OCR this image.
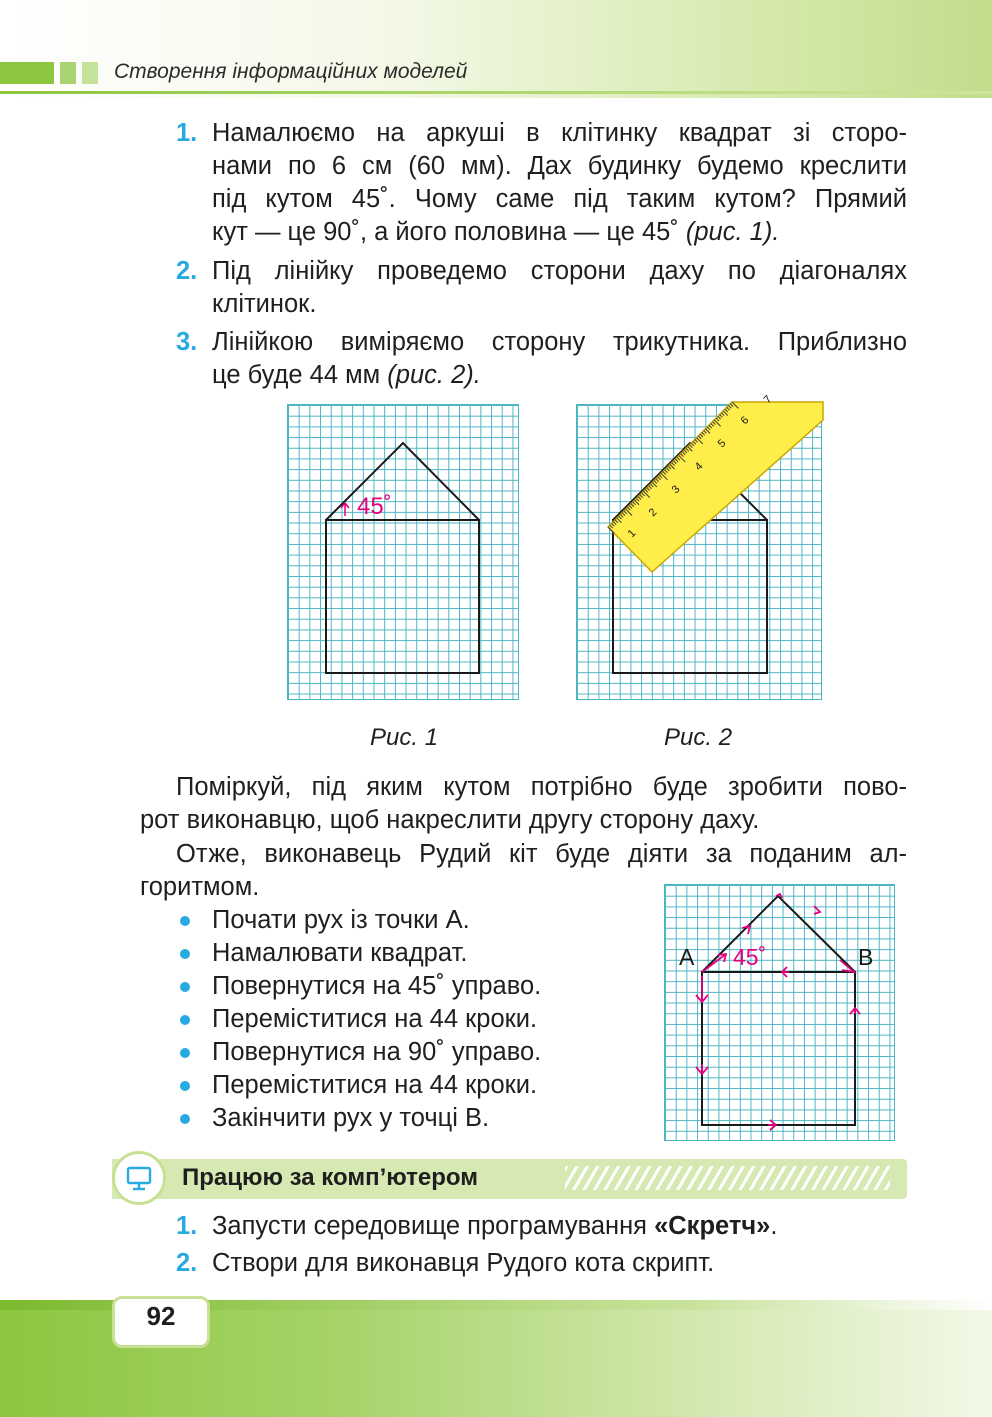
Створення інформаційних моделей
1. Намалюємо на аркуші в клітинку квадрат зі сторо-
нами по 6 см (60 мм). Дах будинку будемо креслити
під кутом 45˚. Чому саме під таким кутом? Прямий
кут — це 90˚, а його половина — це 45˚ (рис. 1).
2. Під лінійку проведемо сторони даху по діагоналях
клітинок.
3. Лінійкою виміряємо сторону трикутника. Приблизно
це буде 44 мм (рис. 2).
45˚
Рис. 1
1
2
3
4
5
6
7
Рис. 2
Поміркуй, під яким кутом потрібно буде зробити пово-
рот виконавцю, щоб накреслити другу сторону даху.
Отже, виконавець Рудий кіт буде діяти за поданим ал-
горитмом.
Почати рух із точки А.
Намалювати квадрат.
Повернутися на 45˚ управо.
Переміститися на 44 кроки.
Повернутися на 90˚ управо.
Переміститися на 44 кроки.
Закінчити рух у точці В.
A	B
45˚
Працюю за комп’ютером
1. Запусти середовище програмування «Скретч».
2. Створи для виконавця Рудого кота скрипт.
92
